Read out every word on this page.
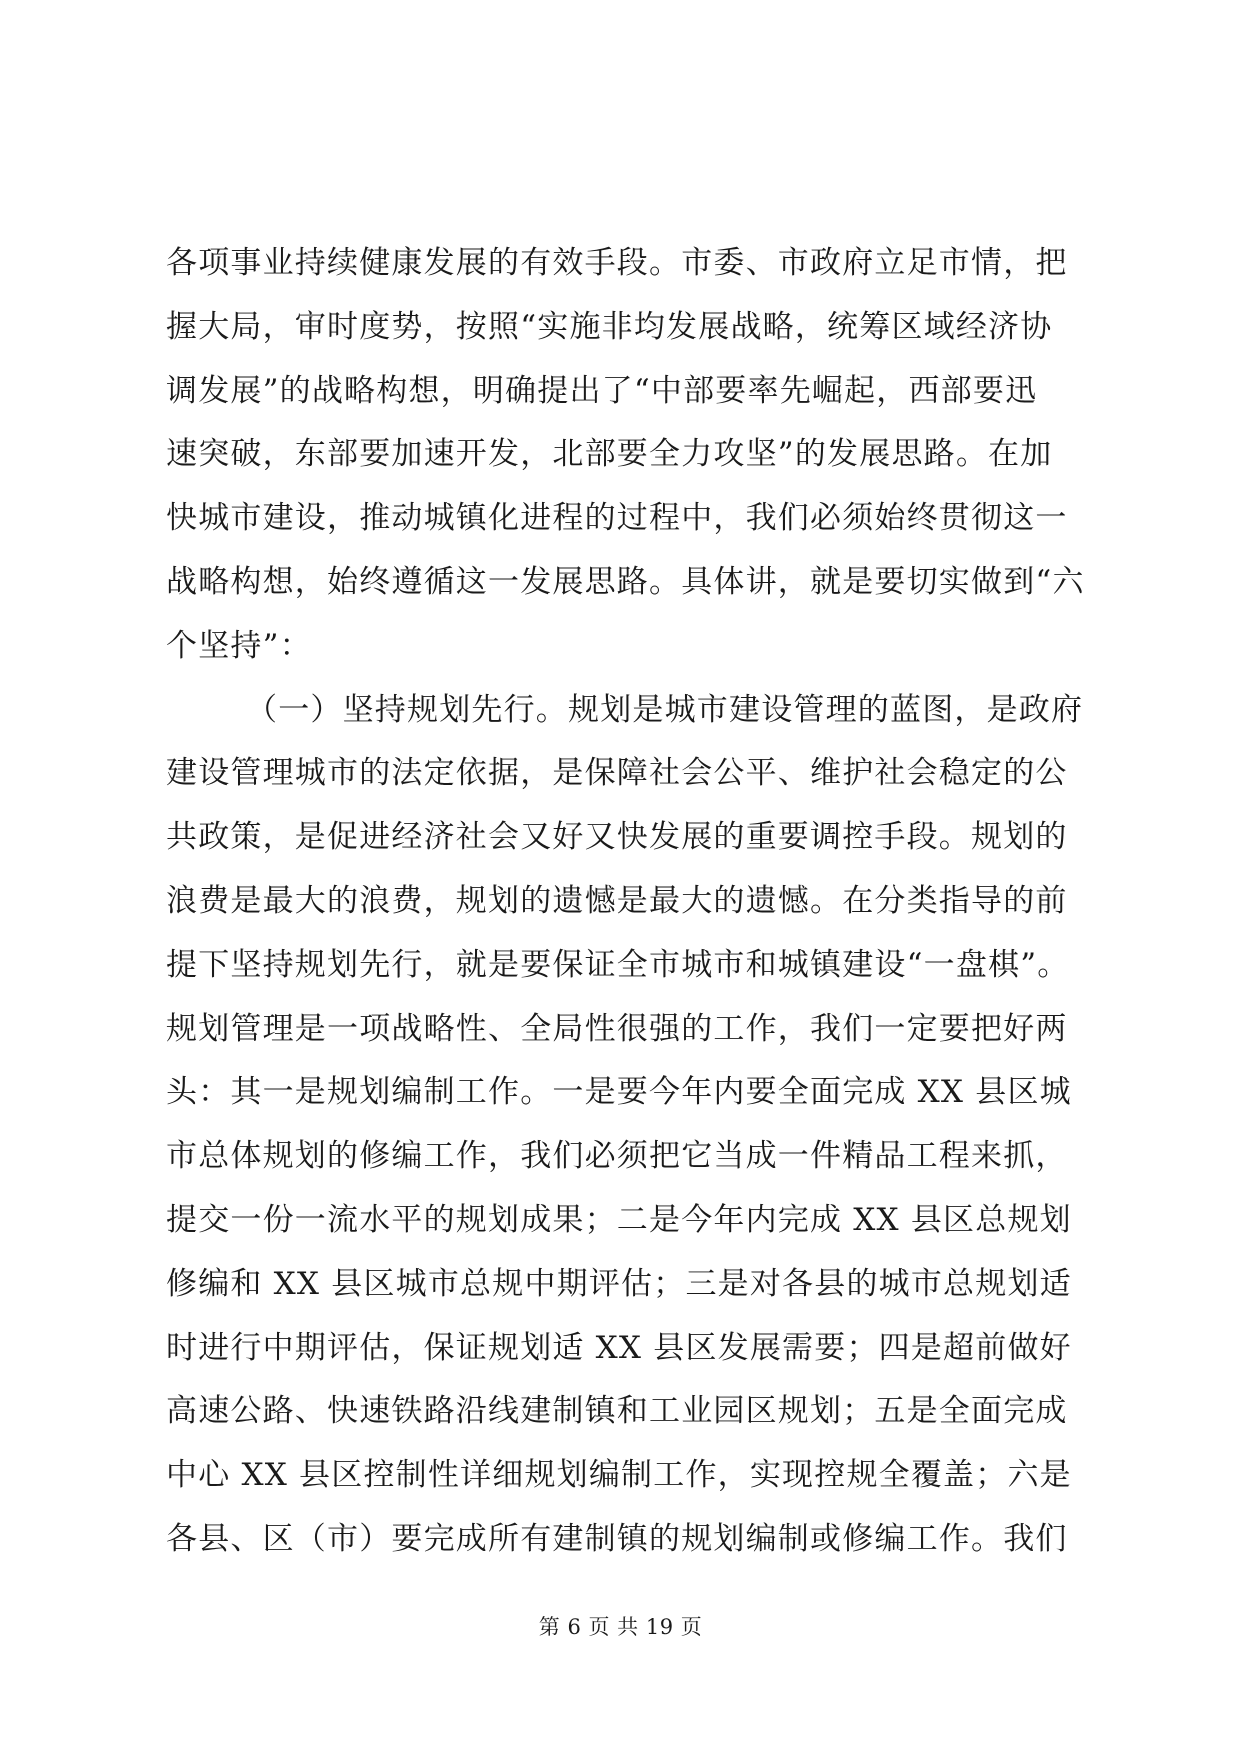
各项事业持续健康发展的有效手段。市委、市政府立足市情，把
握大局，审时度势，按照“实施非均发展战略，统筹区域经济协
调发展”的战略构想，明确提出了“中部要率先崛起，西部要迅
速突破，东部要加速开发，北部要全力攻坚”的发展思路。在加
快城市建设，推动城镇化进程的过程中，我们必须始终贯彻这一
战略构想，始终遵循这一发展思路。具体讲，就是要切实做到“六
个坚持”：
（一）坚持规划先行。规划是城市建设管理的蓝图，是政府
建设管理城市的法定依据，是保障社会公平、维护社会稳定的公
共政策，是促进经济社会又好又快发展的重要调控手段。规划的
浪费是最大的浪费，规划的遗憾是最大的遗憾。在分类指导的前
提下坚持规划先行，就是要保证全市城市和城镇建设“一盘棋”。
规划管理是一项战略性、全局性很强的工作，我们一定要把好两
头：其一是规划编制工作。一是要今年内要全面完成 XX 县区城
市总体规划的修编工作，我们必须把它当成一件精品工程来抓，
提交一份一流水平的规划成果；二是今年内完成 XX 县区总规划
修编和 XX 县区城市总规中期评估；三是对各县的城市总规划适
时进行中期评估，保证规划适 XX 县区发展需要；四是超前做好
高速公路、快速铁路沿线建制镇和工业园区规划；五是全面完成
中心 XX 县区控制性详细规划编制工作，实现控规全覆盖；六是
各县、区（市）要完成所有建制镇的规划编制或修编工作。我们
第 6 页 共 19 页
